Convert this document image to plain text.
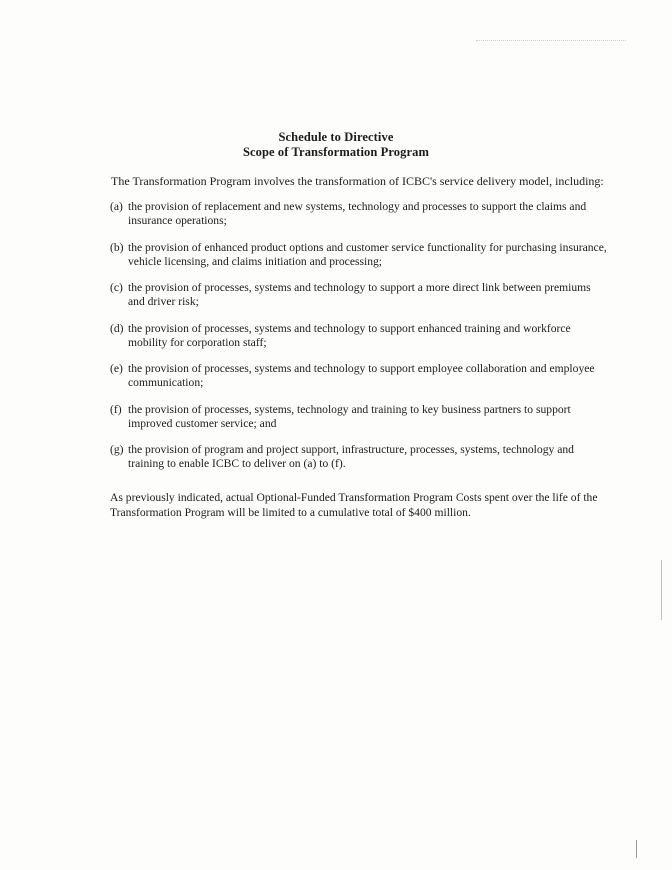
Schedule to Directive
Scope of Transformation Program
The Transformation Program involves the transformation of ICBC's service delivery model, including:
(a) the provision of replacement and new systems, technology and processes to support the claims and insurance operations;
(b) the provision of enhanced product options and customer service functionality for purchasing insurance, vehicle licensing, and claims initiation and processing;
(c) the provision of processes, systems and technology to support a more direct link between premiums and driver risk;
(d) the provision of processes, systems and technology to support enhanced training and workforce mobility for corporation staff;
(e) the provision of processes, systems and technology to support employee collaboration and employee communication;
(f) the provision of processes, systems, technology and training to key business partners to support improved customer service; and
(g) the provision of program and project support, infrastructure, processes, systems, technology and training to enable ICBC to deliver on (a) to (f).
As previously indicated, actual Optional-Funded Transformation Program Costs spent over the life of the Transformation Program will be limited to a cumulative total of $400 million.
